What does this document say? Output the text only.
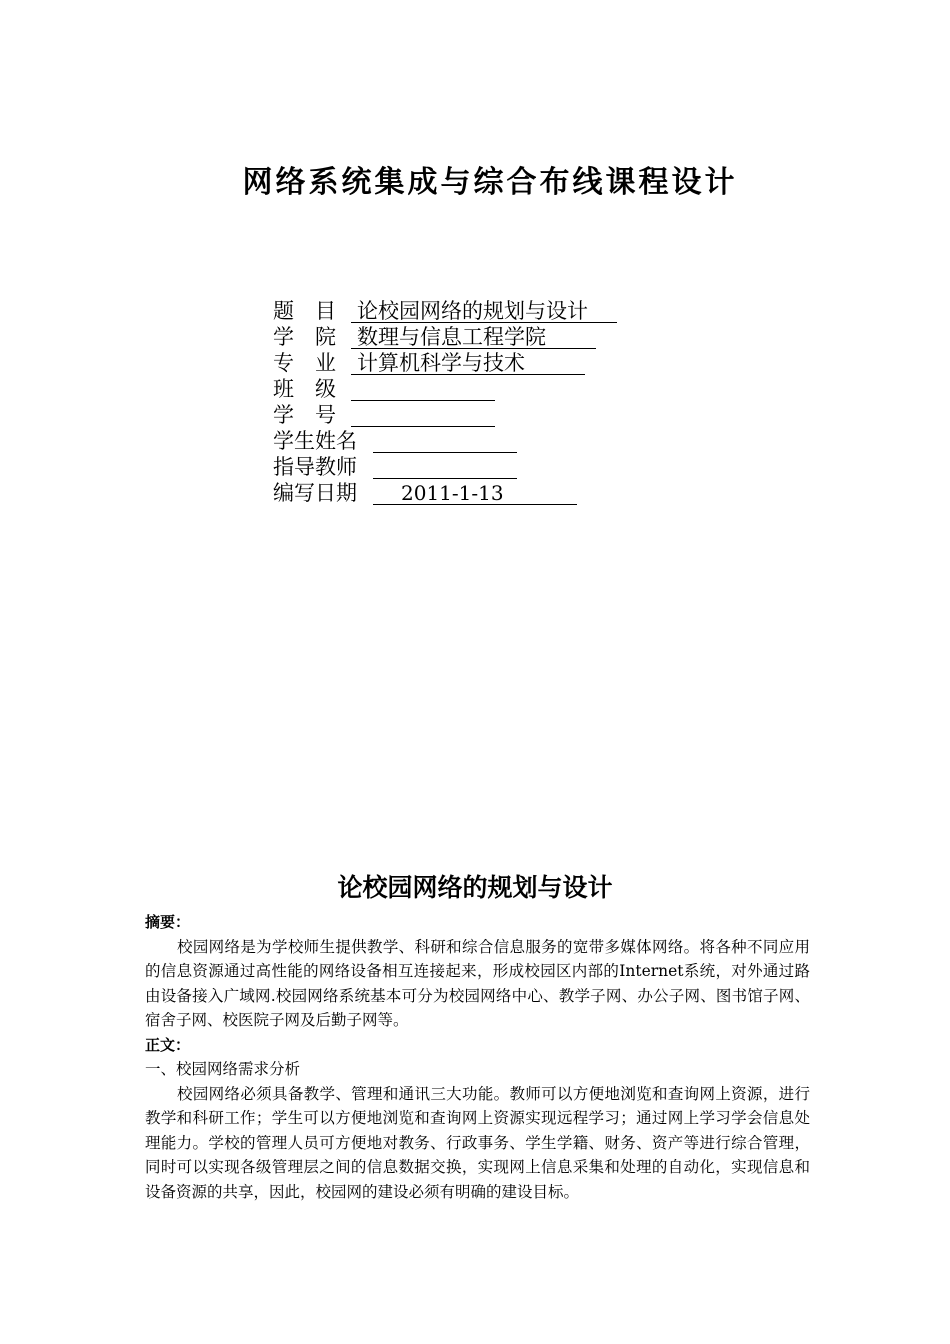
网络系统集成与综合布线课程设计
题　目	论校园网络的规划与设计
学　院	数理与信息工程学院
专　业	计算机科学与技术
班　级
学　号
学生姓名
指导教师
编写日期	2011-1-13
论校园网络的规划与设计

摘要：

校园网络是为学校师生提供教学、科研和综合信息服务的宽带多媒体网络。将各种不同应用的信息资源通过高性能的网络设备相互连接起来，形成校园区内部的Internet系统，对外通过路由设备接入广域网.校园网络系统基本可分为校园网络中心、教学子网、办公子网、图书馆子网、宿舍子网、校医院子网及后勤子网等。

正文：

一、校园网络需求分析

校园网络必须具备教学、管理和通讯三大功能。教师可以方便地浏览和查询网上资源，进行教学和科研工作；学生可以方便地浏览和查询网上资源实现远程学习；通过网上学习学会信息处理能力。学校的管理人员可方便地对教务、行政事务、学生学籍、财务、资产等进行综合管理，同时可以实现各级管理层之间的信息数据交换，实现网上信息采集和处理的自动化，实现信息和设备资源的共享，因此，校园网的建设必须有明确的建设目标。
